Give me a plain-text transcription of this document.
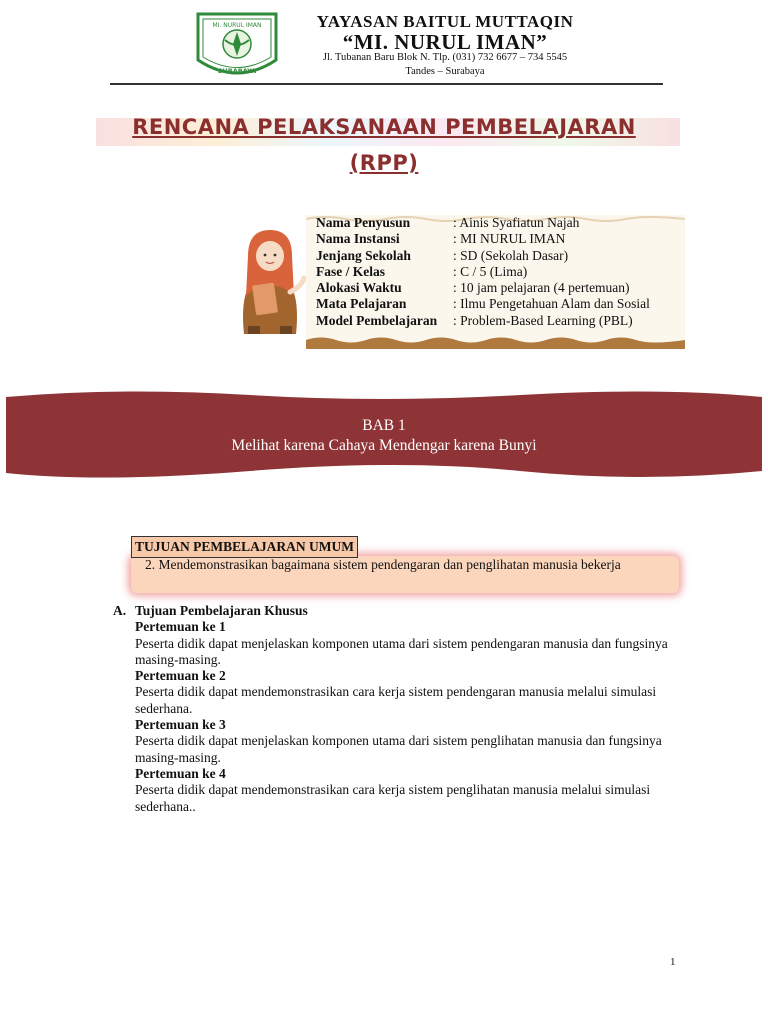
MI. NURUL IMAN
SURABAYA
YAYASAN BAITUL MUTTAQIN
“MI. NURUL IMAN”
Jl. Tubanan Baru Blok N. Tlp. (031) 732 6677 – 734 5545
Tandes – Surabaya
RENCANA PELAKSANAAN PEMBELAJARAN
(RPP)
Nama Penyusun	: Ainis Syafiatun Najah
Nama Instansi	: MI NURUL IMAN
Jenjang Sekolah	: SD (Sekolah Dasar)
Fase / Kelas	: C / 5 (Lima)
Alokasi Waktu	: 10 jam pelajaran (4 pertemuan)
Mata Pelajaran	: Ilmu Pengetahuan Alam dan Sosial
Model Pembelajaran : Problem-Based Learning (PBL)
BAB 1
Melihat karena Cahaya Mendengar karena Bunyi
TUJUAN PEMBELAJARAN UMUM
2. Mendemonstrasikan bagaimana sistem pendengaran dan penglihatan manusia bekerja
A. Tujuan Pembelajaran Khusus
Pertemuan ke 1
Peserta didik dapat menjelaskan komponen utama dari sistem pendengaran manusia dan fungsinya masing-masing.
Pertemuan ke 2
Peserta didik dapat mendemonstrasikan cara kerja sistem pendengaran manusia melalui simulasi sederhana.
Pertemuan ke 3
Peserta didik dapat menjelaskan komponen utama dari sistem penglihatan manusia dan fungsinya masing-masing.
Pertemuan ke 4
Peserta didik dapat mendemonstrasikan cara kerja sistem penglihatan manusia melalui simulasi sederhana..
1
